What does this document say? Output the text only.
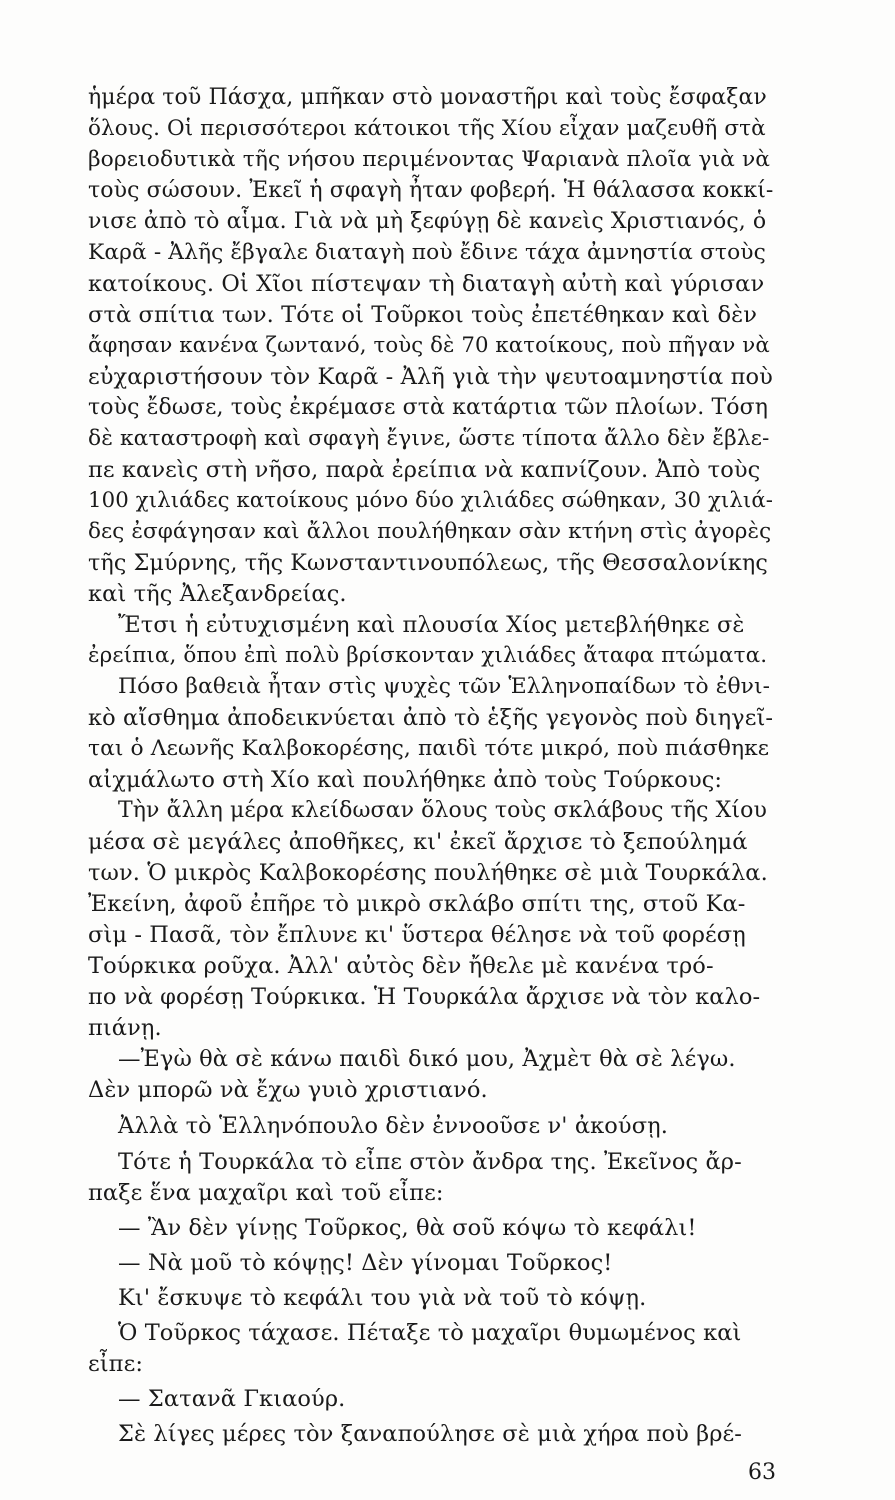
ἡμέρα τοῦ Πάσχα, μπῆκαν στὸ μοναστῆρι καὶ τοὺς ἔσφαξαν
ὅλους. Οἱ περισσότεροι κάτοικοι τῆς Χίου εἶχαν μαζευθῆ στὰ
βορειοδυτικὰ τῆς νήσου περιμένοντας Ψαριανὰ πλοῖα γιὰ νὰ
τοὺς σώσουν. Ἐκεῖ ἡ σφαγὴ ἦταν φοβερή. Ἡ θάλασσα κοκκί-
νισε ἀπὸ τὸ αἷμα. Γιὰ νὰ μὴ ξεφύγῃ δὲ κανεὶς Χριστιανός, ὁ
Καρᾶ - Ἀλῆς ἔβγαλε διαταγὴ ποὺ ἔδινε τάχα ἀμνηστία στοὺς
κατοίκους. Οἱ Χῖοι πίστεψαν τὴ διαταγὴ αὐτὴ καὶ γύρισαν
στὰ σπίτια των. Τότε οἱ Τοῦρκοι τοὺς ἐπετέθηκαν καὶ δὲν
ἄφησαν κανένα ζωντανό, τοὺς δὲ 70 κατοίκους, ποὺ πῆγαν νὰ
εὐχαριστήσουν τὸν Καρᾶ - Ἀλῆ γιὰ τὴν ψευτοαμνηστία ποὺ
τοὺς ἔδωσε, τοὺς ἐκρέμασε στὰ κατάρτια τῶν πλοίων. Τόση
δὲ καταστροφὴ καὶ σφαγὴ ἔγινε, ὥστε τίποτα ἄλλο δὲν ἔβλε-
πε κανεὶς στὴ νῆσο, παρὰ ἐρείπια νὰ καπνίζουν. Ἀπὸ τοὺς
100 χιλιάδες κατοίκους μόνο δύο χιλιάδες σώθηκαν, 30 χιλιά-
δες ἐσφάγησαν καὶ ἄλλοι πουλήθηκαν σὰν κτήνη στὶς ἀγορὲς
τῆς Σμύρνης, τῆς Κωνσταντινουπόλεως, τῆς Θεσσαλονίκης
καὶ τῆς Ἀλεξανδρείας.
Ἔτσι ἡ εὐτυχισμένη καὶ πλουσία Χίος μετεβλήθηκε σὲ
ἐρείπια, ὅπου ἐπὶ πολὺ βρίσκονταν χιλιάδες ἄταφα πτώματα.
Πόσο βαθειὰ ἦταν στὶς ψυχὲς τῶν Ἑλληνοπαίδων τὸ ἐθνι-
κὸ αἴσθημα ἀποδεικνύεται ἀπὸ τὸ ἑξῆς γεγονὸς ποὺ διηγεῖ-
ται ὁ Λεωνῆς Καλβοκορέσης, παιδὶ τότε μικρό, ποὺ πιάσθηκε
αἰχμάλωτο στὴ Χίο καὶ πουλήθηκε ἀπὸ τοὺς Τούρκους:
Τὴν ἄλλη μέρα κλείδωσαν ὅλους τοὺς σκλάβους τῆς Χίου
μέσα σὲ μεγάλες ἀποθῆκες, κι' ἐκεῖ ἄρχισε τὸ ξεπούλημά
των. Ὁ μικρὸς Καλβοκορέσης πουλήθηκε σὲ μιὰ Τουρκάλα.
Ἐκείνη, ἀφοῦ ἐπῆρε τὸ μικρὸ σκλάβο σπίτι της, στοῦ Κα-
σὶμ - Πασᾶ, τὸν ἔπλυνε κι' ὕστερα θέλησε νὰ τοῦ φορέσῃ
Τούρκικα ροῦχα. Ἀλλ' αὐτὸς δὲν ἤθελε μὲ κανένα τρό-
πο νὰ φορέσῃ Τούρκικα. Ἡ Τουρκάλα ἄρχισε νὰ τὸν καλο-
πιάνῃ.
—Ἐγὼ θὰ σὲ κάνω παιδὶ δικό μου, Ἀχμὲτ θὰ σὲ λέγω.
Δὲν μπορῶ νὰ ἔχω γυιὸ χριστιανό.
Ἀλλὰ τὸ Ἑλληνόπουλο δὲν ἐννοοῦσε ν' ἀκούσῃ.
Τότε ἡ Τουρκάλα τὸ εἶπε στὸν ἄνδρα της. Ἐκεῖνος ἄρ-
παξε ἕνα μαχαῖρι καὶ τοῦ εἶπε:
— Ἂν δὲν γίνῃς Τοῦρκος, θὰ σοῦ κόψω τὸ κεφάλι!
— Νὰ μοῦ τὸ κόψῃς! Δὲν γίνομαι Τοῦρκος!
Κι' ἔσκυψε τὸ κεφάλι του γιὰ νὰ τοῦ τὸ κόψῃ.
Ὁ Τοῦρκος τάχασε. Πέταξε τὸ μαχαῖρι θυμωμένος καὶ
εἶπε:
— Σατανᾶ Γκιαούρ.
Σὲ λίγες μέρες τὸν ξαναπούλησε σὲ μιὰ χήρα ποὺ βρέ-
63
